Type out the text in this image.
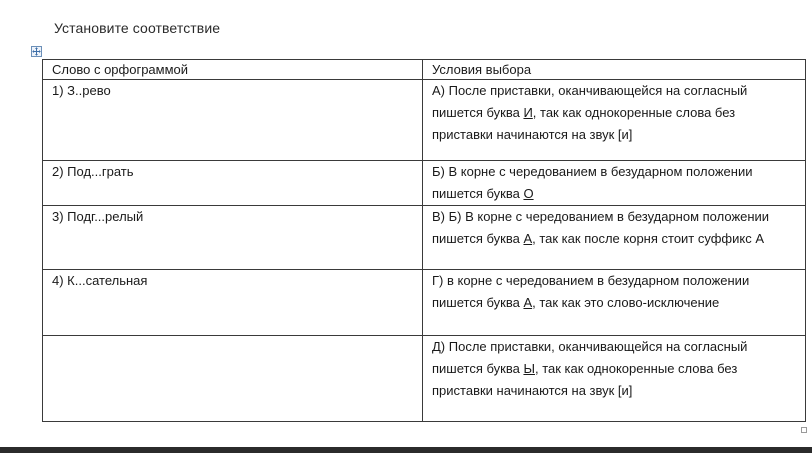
Установите соответствие
Слово с орфограммой	Условия выбора
1) З..рево	А) После приставки, оканчивающейся на согласный пишется буква И, так как однокоренные слова без приставки начинаются на звук [и]
2) Под...грать	Б) В корне с чередованием в безударном положении пишется буква О
3) Подг...релый	В) Б) В корне с чередованием в безударном положении пишется буква А, так как после корня стоит суффикс А
4) К...сательная	Г) в корне с чередованием в безударном положении пишется буква А, так как это слово-исключение
	Д) После приставки, оканчивающейся на согласный пишется буква Ы, так как однокоренные слова без приставки начинаются на звук [и]
